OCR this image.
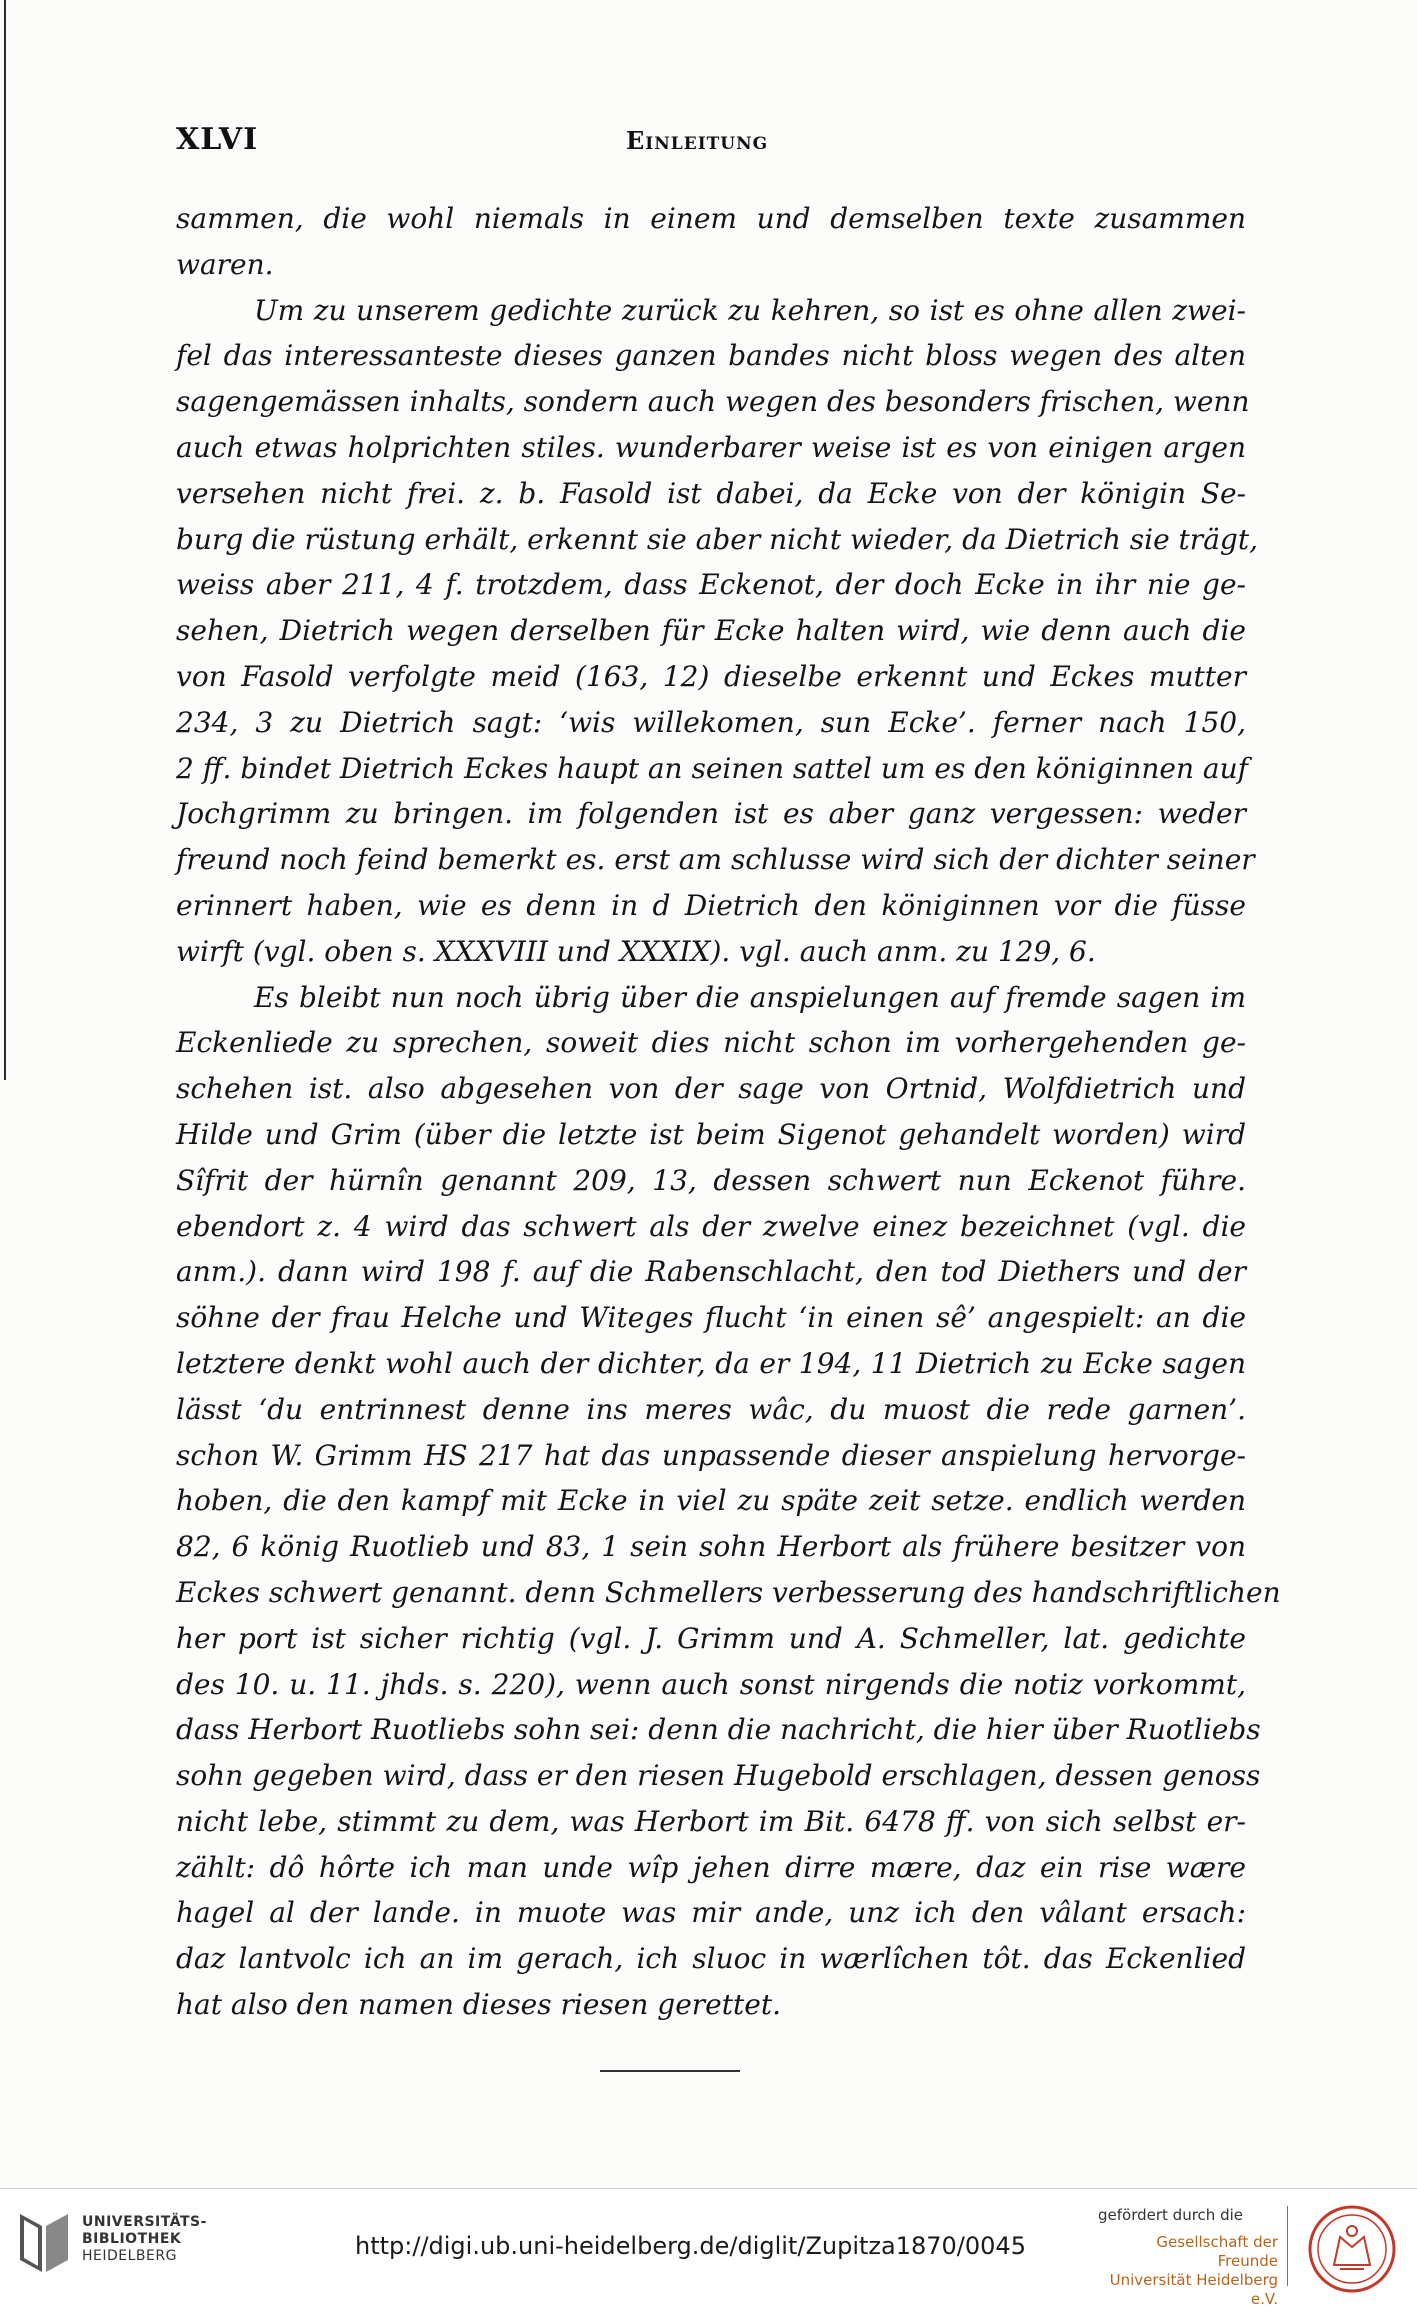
XLVI	Einleitung
sammen, die wohl niemals in einem und demselben texte zusammen
waren.
Um zu unserem gedichte zurück zu kehren, so ist es ohne allen zwei-
fel das interessanteste dieses ganzen bandes nicht bloss wegen des alten
sagengemässen inhalts, sondern auch wegen des besonders frischen, wenn
auch etwas holprichten stiles. wunderbarer weise ist es von einigen argen
versehen nicht frei. z. b. Fasold ist dabei, da Ecke von der königin Se-
burg die rüstung erhält, erkennt sie aber nicht wieder, da Dietrich sie trägt,
weiss aber 211, 4 f. trotzdem, dass Eckenot, der doch Ecke in ihr nie ge-
sehen, Dietrich wegen derselben für Ecke halten wird, wie denn auch die
von Fasold verfolgte meid (163, 12) dieselbe erkennt und Eckes mutter
234, 3 zu Dietrich sagt: ‘wis willekomen, sun Ecke’. ferner nach 150,
2 ff. bindet Dietrich Eckes haupt an seinen sattel um es den königinnen auf
Jochgrimm zu bringen. im folgenden ist es aber ganz vergessen: weder
freund noch feind bemerkt es. erst am schlusse wird sich der dichter seiner
erinnert haben, wie es denn in d Dietrich den königinnen vor die füsse
wirft (vgl. oben s. XXXVIII und XXXIX). vgl. auch anm. zu 129, 6.
Es bleibt nun noch übrig über die anspielungen auf fremde sagen im
Eckenliede zu sprechen, soweit dies nicht schon im vorhergehenden ge-
schehen ist. also abgesehen von der sage von Ortnid, Wolfdietrich und
Hilde und Grim (über die letzte ist beim Sigenot gehandelt worden) wird
Sîfrit der hürnîn genannt 209, 13, dessen schwert nun Eckenot führe.
ebendort z. 4 wird das schwert als der zwelve einez bezeichnet (vgl. die
anm.). dann wird 198 f. auf die Rabenschlacht, den tod Diethers und der
söhne der frau Helche und Witeges flucht ‘in einen sê’ angespielt: an die
letztere denkt wohl auch der dichter, da er 194, 11 Dietrich zu Ecke sagen
lässt ‘du entrinnest denne ins meres wâc, du muost die rede garnen’.
schon W. Grimm HS 217 hat das unpassende dieser anspielung hervorge-
hoben, die den kampf mit Ecke in viel zu späte zeit setze. endlich werden
82, 6 könig Ruotlieb und 83, 1 sein sohn Herbort als frühere besitzer von
Eckes schwert genannt. denn Schmellers verbesserung des handschriftlichen
her port ist sicher richtig (vgl. J. Grimm und A. Schmeller, lat. gedichte
des 10. u. 11. jhds. s. 220), wenn auch sonst nirgends die notiz vorkommt,
dass Herbort Ruotliebs sohn sei: denn die nachricht, die hier über Ruotliebs
sohn gegeben wird, dass er den riesen Hugebold erschlagen, dessen genoss
nicht lebe, stimmt zu dem, was Herbort im Bit. 6478 ff. von sich selbst er-
zählt: dô hôrte ich man unde wîp jehen dirre mære, daz ein rise wære
hagel al der lande. in muote was mir ande, unz ich den vâlant ersach:
daz lantvolc ich an im gerach, ich sluoc in wærlîchen tôt. das Eckenlied
hat also den namen dieses riesen gerettet.
UNIVERSITÄTS-
BIBLIOTHEK
HEIDELBERG	http://digi.ub.uni-heidelberg.de/diglit/Zupitza1870/0045
gefördert durch die
Gesellschaft der Freunde
Universität Heidelberg e.V.
